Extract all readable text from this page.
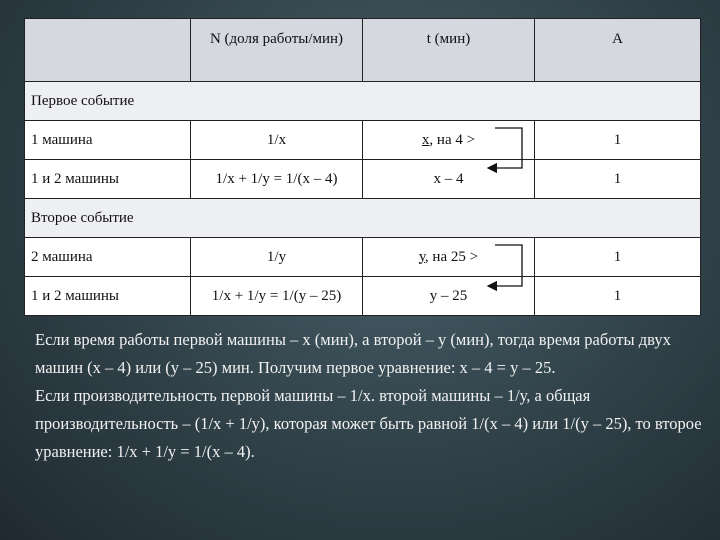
	N (доля работы/мин)	t (мин)	A
Первое событие			
1 машина	1/х	х, на 4 >	1
1 и 2 машины	1/х + 1/у = 1/(х – 4)	х – 4	1
Второе событие			
2 машина	1/у	у, на 25 >	1
1 и 2 машины	1/х + 1/у = 1/(у – 25)	у – 25	1

Если время работы первой машины – х (мин), а второй – у (мин), тогда время работы двух машин (х – 4) или (у – 25) мин. Получим первое уравнение: х – 4 = у – 25.

Если производительность первой машины – 1/х. второй машины – 1/у, а общая производительность – (1/х + 1/у), которая может быть равной 1/(х – 4) или 1/(у – 25), то второе уравнение: 1/х + 1/у = 1/(х – 4).
